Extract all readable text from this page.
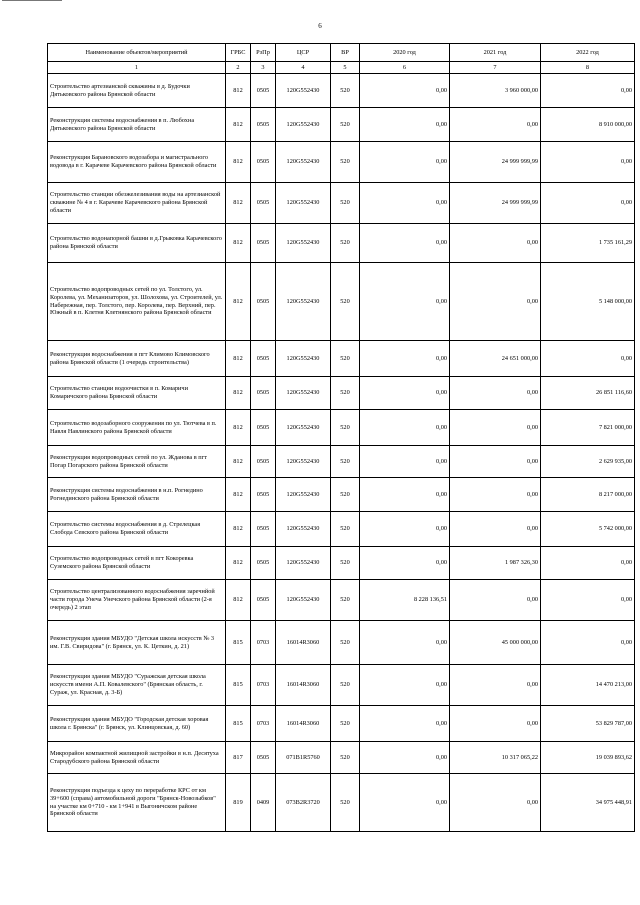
6
Наименование объектов/мероприятий	ГРБС	РзПр	ЦСР	ВР	2020 год	2021 год	2022 год
1	2	3	4	5	6	7	8
Строительство артезианской скважины в д. Будочки Дятьковского района Брянской области	812	0505	120G552430	520	0,00	3 960 000,00	0,00
Реконструкция системы водоснабжения в п. Любохна Дятьковского района Брянской области	812	0505	120G552430	520	0,00	0,00	8 910 000,00
Реконструкция Барановского водозабора и магистрального водовода в г. Карачеве Карачевского района Брянской области	812	0505	120G552430	520	0,00	24 999 999,99	0,00
Строительство станции обезжелезивания воды на артезианской скважине № 4 в г. Карачеве Карачевского района Брянской области	812	0505	120G552430	520	0,00	24 999 999,99	0,00
Строительство водонапорной башни в д.Грыковка Карачевского района Брянской области	812	0505	120G552430	520	0,00	0,00	1 735 161,29
Строительство водопроводных сетей по ул. Толстого, ул. Королева, ул. Механизаторов, ул. Шолохова, ул. Строителей, ул. Набережная, пер. Толстого, пер. Королева, пер. Верхний, пер. Южный в п. Клетня Клетнянского района Брянской области	812	0505	120G552430	520	0,00	0,00	5 148 000,00
Реконструкция водоснабжения в пгт Климово Климовского района Брянской области (1 очередь строительства)	812	0505	120G552430	520	0,00	24 651 000,00	0,00
Строительство станции водоочистки в п. Комаричи Комаричского района Брянской области	812	0505	120G552430	520	0,00	0,00	26 851 116,60
Строительство водозаборного сооружения по ул. Тютчева в п. Навля Навлинского района Брянской области	812	0505	120G552430	520	0,00	0,00	7 821 000,00
Реконструкция водопроводных сетей по ул. Жданова в пгт Погар Погарского района Брянской области	812	0505	120G552430	520	0,00	0,00	2 629 935,00
Реконструкция системы водоснабжения в н.п. Рогнедино Рогнединского района Брянской области	812	0505	120G552430	520	0,00	0,00	8 217 000,00
Строительство системы водоснабжения в д. Стрелецкая Слобода Севского района Брянской области	812	0505	120G552430	520	0,00	0,00	5 742 000,00
Строительство водопроводных сетей в пгт Кокоревка Суземского района Брянской области	812	0505	120G552430	520	0,00	1 987 326,30	0,00
Строительство централизованного водоснабжения заречнйой части города Унеча Унечского района Брянской области (2-я очередь) 2 этап	812	0505	120G552430	520	8 228 136,51	0,00	0,00
Реконструкция здания МБУДО "Детская школа искусств № 3 им. Г.В. Свиридова" (г. Брянск, ул. К. Цеткин, д. 21)	815	0703	16014R3060	520	0,00	45 000 000,00	0,00
Реконструкция здания МБУДО "Суражская детская школа искусств имени А.П. Ковалевского" (Брянская область, г. Сураж, ул. Красная, д. 3-Б)	815	0703	16014R3060	520	0,00	0,00	14 470 213,00
Реконструкция здания МБУДО "Городская детская хоровая школа г. Брянска" (г. Брянск, ул. Клинцовская, д. 60)	815	0703	16014R3060	520	0,00	0,00	53 829 787,00
Микрорайон компактной жилищной застройки в н.п. Десятуха Стародубского района Брянской области	817	0505	071B1R5760	520	0,00	10 317 065,22	19 039 893,62
Реконструкция подъезда к цеху по переработке КРС от км 39+600 (справа) автомобильной дороги "Брянск-Новозыбков" на участке км 0+710 - км 1+941 в Выгоничском районе Брянской области	819	0409	073В2R3720	520	0,00	0,00	34 975 448,91
